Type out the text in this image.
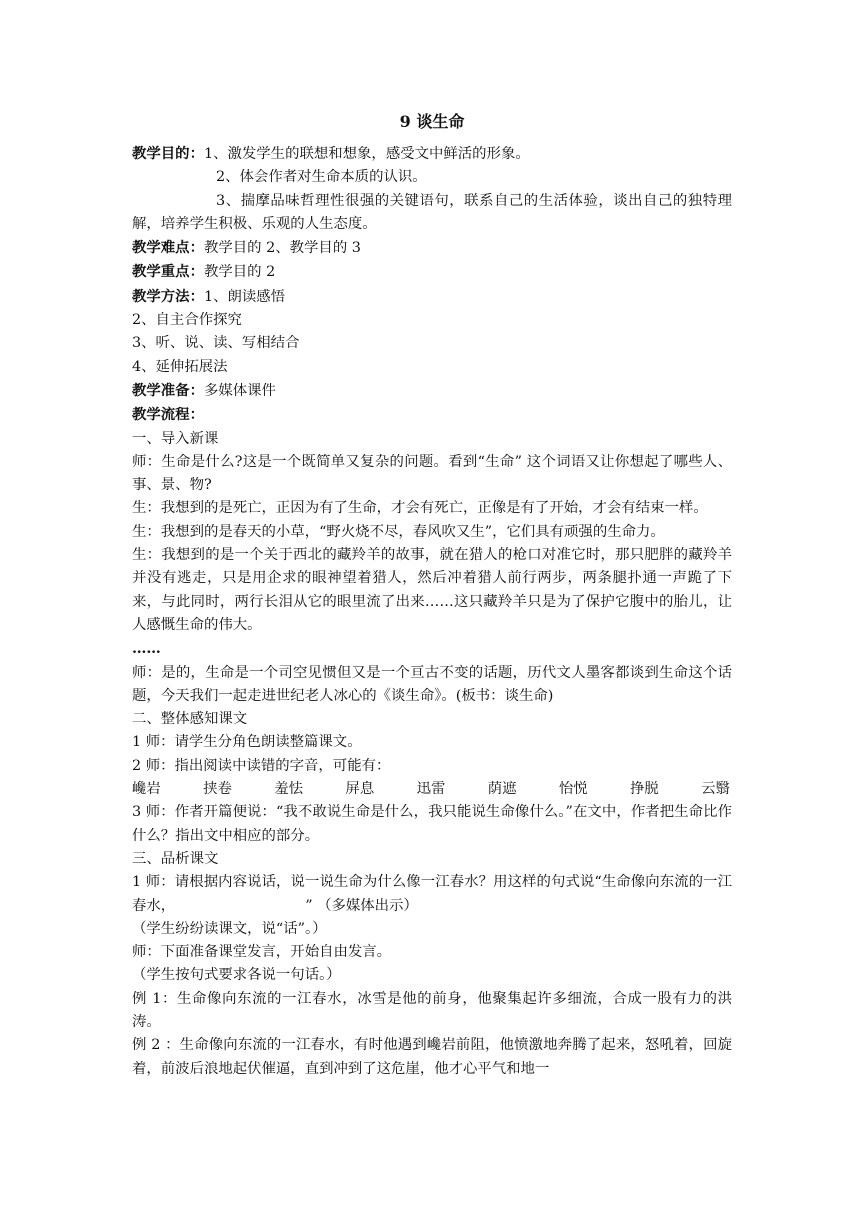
9 谈生命

教学目的：1、激发学生的联想和想象，感受文中鲜活的形象。

2、体会作者对生命本质的认识。

3、揣摩品味哲理性很强的关键语句，联系自己的生活体验，谈出自己的独特理解，培养学生积极、乐观的人生态度。

教学难点：教学目的 2、教学目的 3

教学重点：教学目的 2

教学方法：1、朗读感悟

2、自主合作探究

3、听、说、读、写相结合

4、延伸拓展法

教学准备：多媒体课件

教学流程：

一、导入新课

师：生命是什么?这是一个既简单又复杂的问题。看到“生命” 这个词语又让你想起了哪些人、事、景、物?

生：我想到的是死亡，正因为有了生命，才会有死亡，正像是有了开始，才会有结束一样。

生：我想到的是春天的小草，“野火烧不尽，春风吹又生”，它们具有顽强的生命力。

生：我想到的是一个关于西北的藏羚羊的故事，就在猎人的枪口对准它时，那只肥胖的藏羚羊并没有逃走，只是用企求的眼神望着猎人，然后冲着猎人前行两步，两条腿扑通一声跪了下来，与此同时，两行长泪从它的眼里流了出来……这只藏羚羊只是为了保护它腹中的胎儿，让人感慨生命的伟大。

……

师：是的，生命是一个司空见惯但又是一个亘古不变的话题，历代文人墨客都谈到生命这个话题，今天我们一起走进世纪老人冰心的《谈生命》。(板书：谈生命)

二、整体感知课文

1 师：请学生分角色朗读整篇课文。

2 师：指出阅读中读错的字音，可能有：

巉岩	挟卷	羞怯	屏息	迅雷	荫遮	怡悦	挣脱	云翳

3 师：作者开篇便说：“我不敢说生命是什么，我只能说生命像什么。”在文中，作者把生命比作什么？指出文中相应的部分。

三、品析课文

1 师：请根据内容说话，说一说生命为什么像一江春水？用这样的句式说“生命像向东流的一江春水，	” （多媒体出示）

（学生纷纷读课文，说“话”。）

师：下面准备课堂发言，开始自由发言。

（学生按句式要求各说一句话。）

例 1：生命像向东流的一江春水，冰雪是他的前身，他聚集起许多细流，合成一股有力的洪涛。

例 2 ：生命像向东流的一江春水，有时他遇到巉岩前阻，他愤激地奔腾了起来，怒吼着，回旋着，前波后浪地起伏催逼，直到冲到了这危崖，他才心平气和地一
